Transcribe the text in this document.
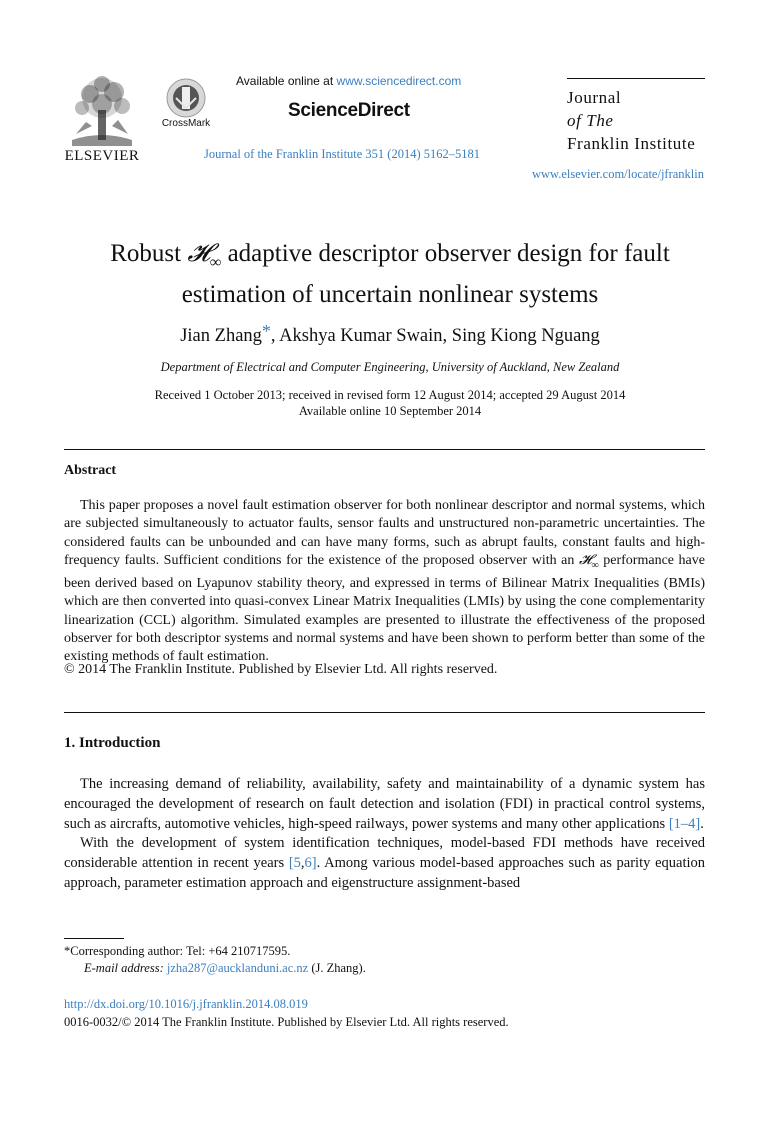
ELSEVIER
CrossMark
Available online at www.sciencedirect.com
ScienceDirect
Journal of the Franklin Institute 351 (2014) 5162–5181
Journal
of The
Franklin Institute
www.elsevier.com/locate/jfranklin
Robust 𝓗$_\infty$ adaptive descriptor observer design for fault
estimation of uncertain nonlinear systems
Jian Zhang*, Akshya Kumar Swain, Sing Kiong Nguang
Department of Electrical and Computer Engineering, University of Auckland, New Zealand
Received 1 October 2013; received in revised form 12 August 2014; accepted 29 August 2014
Available online 10 September 2014
Abstract

This paper proposes a novel fault estimation observer for both nonlinear descriptor and normal systems, which are subjected simultaneously to actuator faults, sensor faults and unstructured non-parametric uncertainties. The considered faults can be unbounded and can have many forms, such as abrupt faults, constant faults and high-frequency faults. Sufficient conditions for the existence of the proposed observer with an 𝓗$_\infty$ performance have been derived based on Lyapunov stability theory, and expressed in terms of Bilinear Matrix Inequalities (BMIs) which are then converted into quasi-convex Linear Matrix Inequalities (LMIs) by using the cone complementarity linearization (CCL) algorithm. Simulated examples are presented to illustrate the effectiveness of the proposed observer for both descriptor systems and normal systems and have been shown to perform better than some of the existing methods of fault estimation.

© 2014 The Franklin Institute. Published by Elsevier Ltd. All rights reserved.
1. Introduction

The increasing demand of reliability, availability, safety and maintainability of a dynamic system has encouraged the development of research on fault detection and isolation (FDI) in practical control systems, such as aircrafts, automotive vehicles, high-speed railways, power systems and many other applications [1–4].

With the development of system identification techniques, model-based FDI methods have received considerable attention in recent years [5,6]. Among various model-based approaches such as parity equation approach, parameter estimation approach and eigenstructure assignment-based

*Corresponding author: Tel: +64 210717595.
E-mail address: jzha287@aucklanduni.ac.nz (J. Zhang).
http://dx.doi.org/10.1016/j.jfranklin.2014.08.019
0016-0032/© 2014 The Franklin Institute. Published by Elsevier Ltd. All rights reserved.
